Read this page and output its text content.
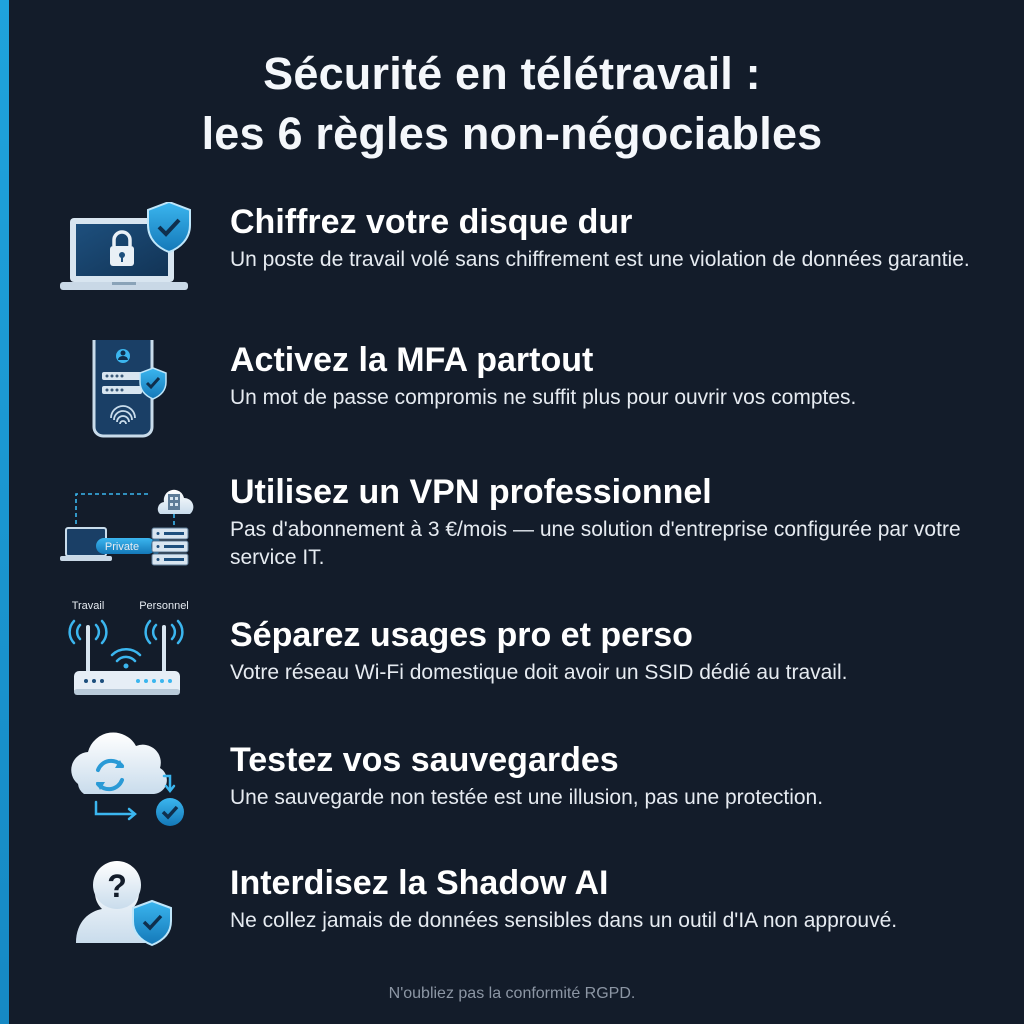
Sécurité en télétravail :
les 6 règles non-négociables
Chiffrez votre disque dur
Un poste de travail volé sans chiffrement est une violation de données garantie.
Activez la MFA partout
Un mot de passe compromis ne suffit plus pour ouvrir vos comptes.
Private
Utilisez un VPN professionnel
Pas d'abonnement à 3 €/mois — une solution d'entreprise configurée par votre service IT.
Travail	Personnel
Séparez usages pro et perso
Votre réseau Wi-Fi domestique doit avoir un SSID dédié au travail.
Testez vos sauvegardes
Une sauvegarde non testée est une illusion, pas une protection.
?	Interdisez la Shadow AI
Ne collez jamais de données sensibles dans un outil d'IA non approuvé.
N'oubliez pas la conformité RGPD.
